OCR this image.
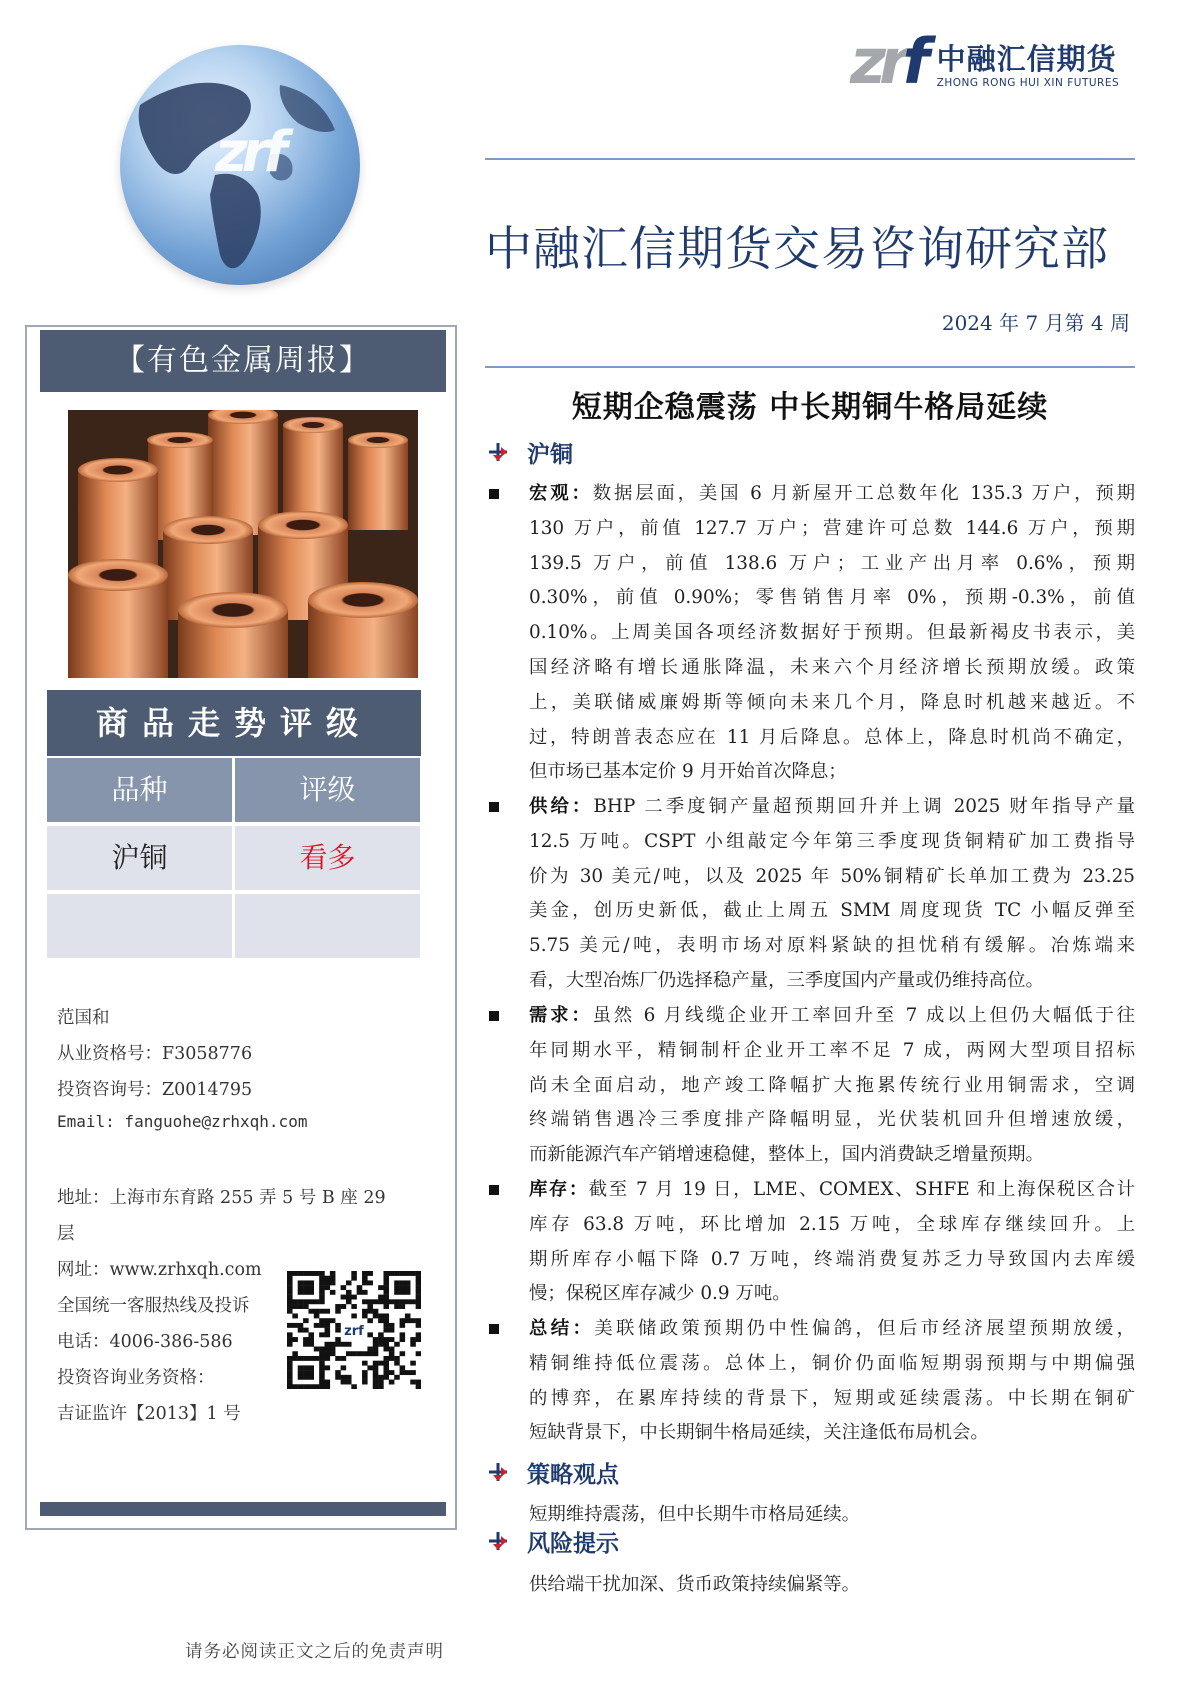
zrf
zrf 中融汇信期货
ZHONG RONG HUI XIN FUTURES
中融汇信期货交易咨询研究部
2024 年 7 月第 4 周
【有色金属周报】
商品走势评级
品种	评级
沪铜	看多
范国和
从业资格号：F3058776
投资咨询号：Z0014795
Email: fanguohe@zrhxqh.com
地址：上海市东育路 255 弄 5 号 B 座 29
层
网址：www.zrhxqh.com
全国统一客服热线及投诉
电话：4006-386-586
投资咨询业务资格：
吉证监许【2013】1 号
zrf
短期企稳震荡 中长期铜牛格局延续
沪铜
宏观：数据层面，美国 6 月新屋开工总数年化 135.3 万户，预期
130 万户，前值 127.7 万户；营建许可总数 144.6 万户，预期
139.5 万户，前值 138.6 万户；工业产出月率 0.6%，预期
0.30%，前值 0.90%；零售销售月率 0%，预期-0.3%，前值
0.10%。上周美国各项经济数据好于预期。但最新褐皮书表示，美
国经济略有增长通胀降温，未来六个月经济增长预期放缓。政策
上，美联储威廉姆斯等倾向未来几个月，降息时机越来越近。不
过，特朗普表态应在 11 月后降息。总体上，降息时机尚不确定，
但市场已基本定价 9 月开始首次降息；
供给：BHP 二季度铜产量超预期回升并上调 2025 财年指导产量
12.5 万吨。CSPT 小组敲定今年第三季度现货铜精矿加工费指导
价为 30 美元/吨，以及 2025 年 50%铜精矿长单加工费为 23.25
美金，创历史新低，截止上周五 SMM 周度现货 TC 小幅反弹至
5.75 美元/吨，表明市场对原料紧缺的担忧稍有缓解。冶炼端来
看，大型冶炼厂仍选择稳产量，三季度国内产量或仍维持高位。
需求：虽然 6 月线缆企业开工率回升至 7 成以上但仍大幅低于往
年同期水平，精铜制杆企业开工率不足 7 成，两网大型项目招标
尚未全面启动，地产竣工降幅扩大拖累传统行业用铜需求，空调
终端销售遇冷三季度排产降幅明显，光伏装机回升但增速放缓，
而新能源汽车产销增速稳健，整体上，国内消费缺乏增量预期。
库存：截至 7 月 19 日，LME、COMEX、SHFE 和上海保税区合计
库存 63.8 万吨，环比增加 2.15 万吨，全球库存继续回升。上
期所库存小幅下降 0.7 万吨，终端消费复苏乏力导致国内去库缓
慢；保税区库存减少 0.9 万吨。
总结：美联储政策预期仍中性偏鸽，但后市经济展望预期放缓，
精铜维持低位震荡。总体上，铜价仍面临短期弱预期与中期偏强
的博弈，在累库持续的背景下，短期或延续震荡。中长期在铜矿
短缺背景下，中长期铜牛格局延续，关注逢低布局机会。
策略观点
短期维持震荡，但中长期牛市格局延续。
风险提示
供给端干扰加深、货币政策持续偏紧等。
请务必阅读正文之后的免责声明
